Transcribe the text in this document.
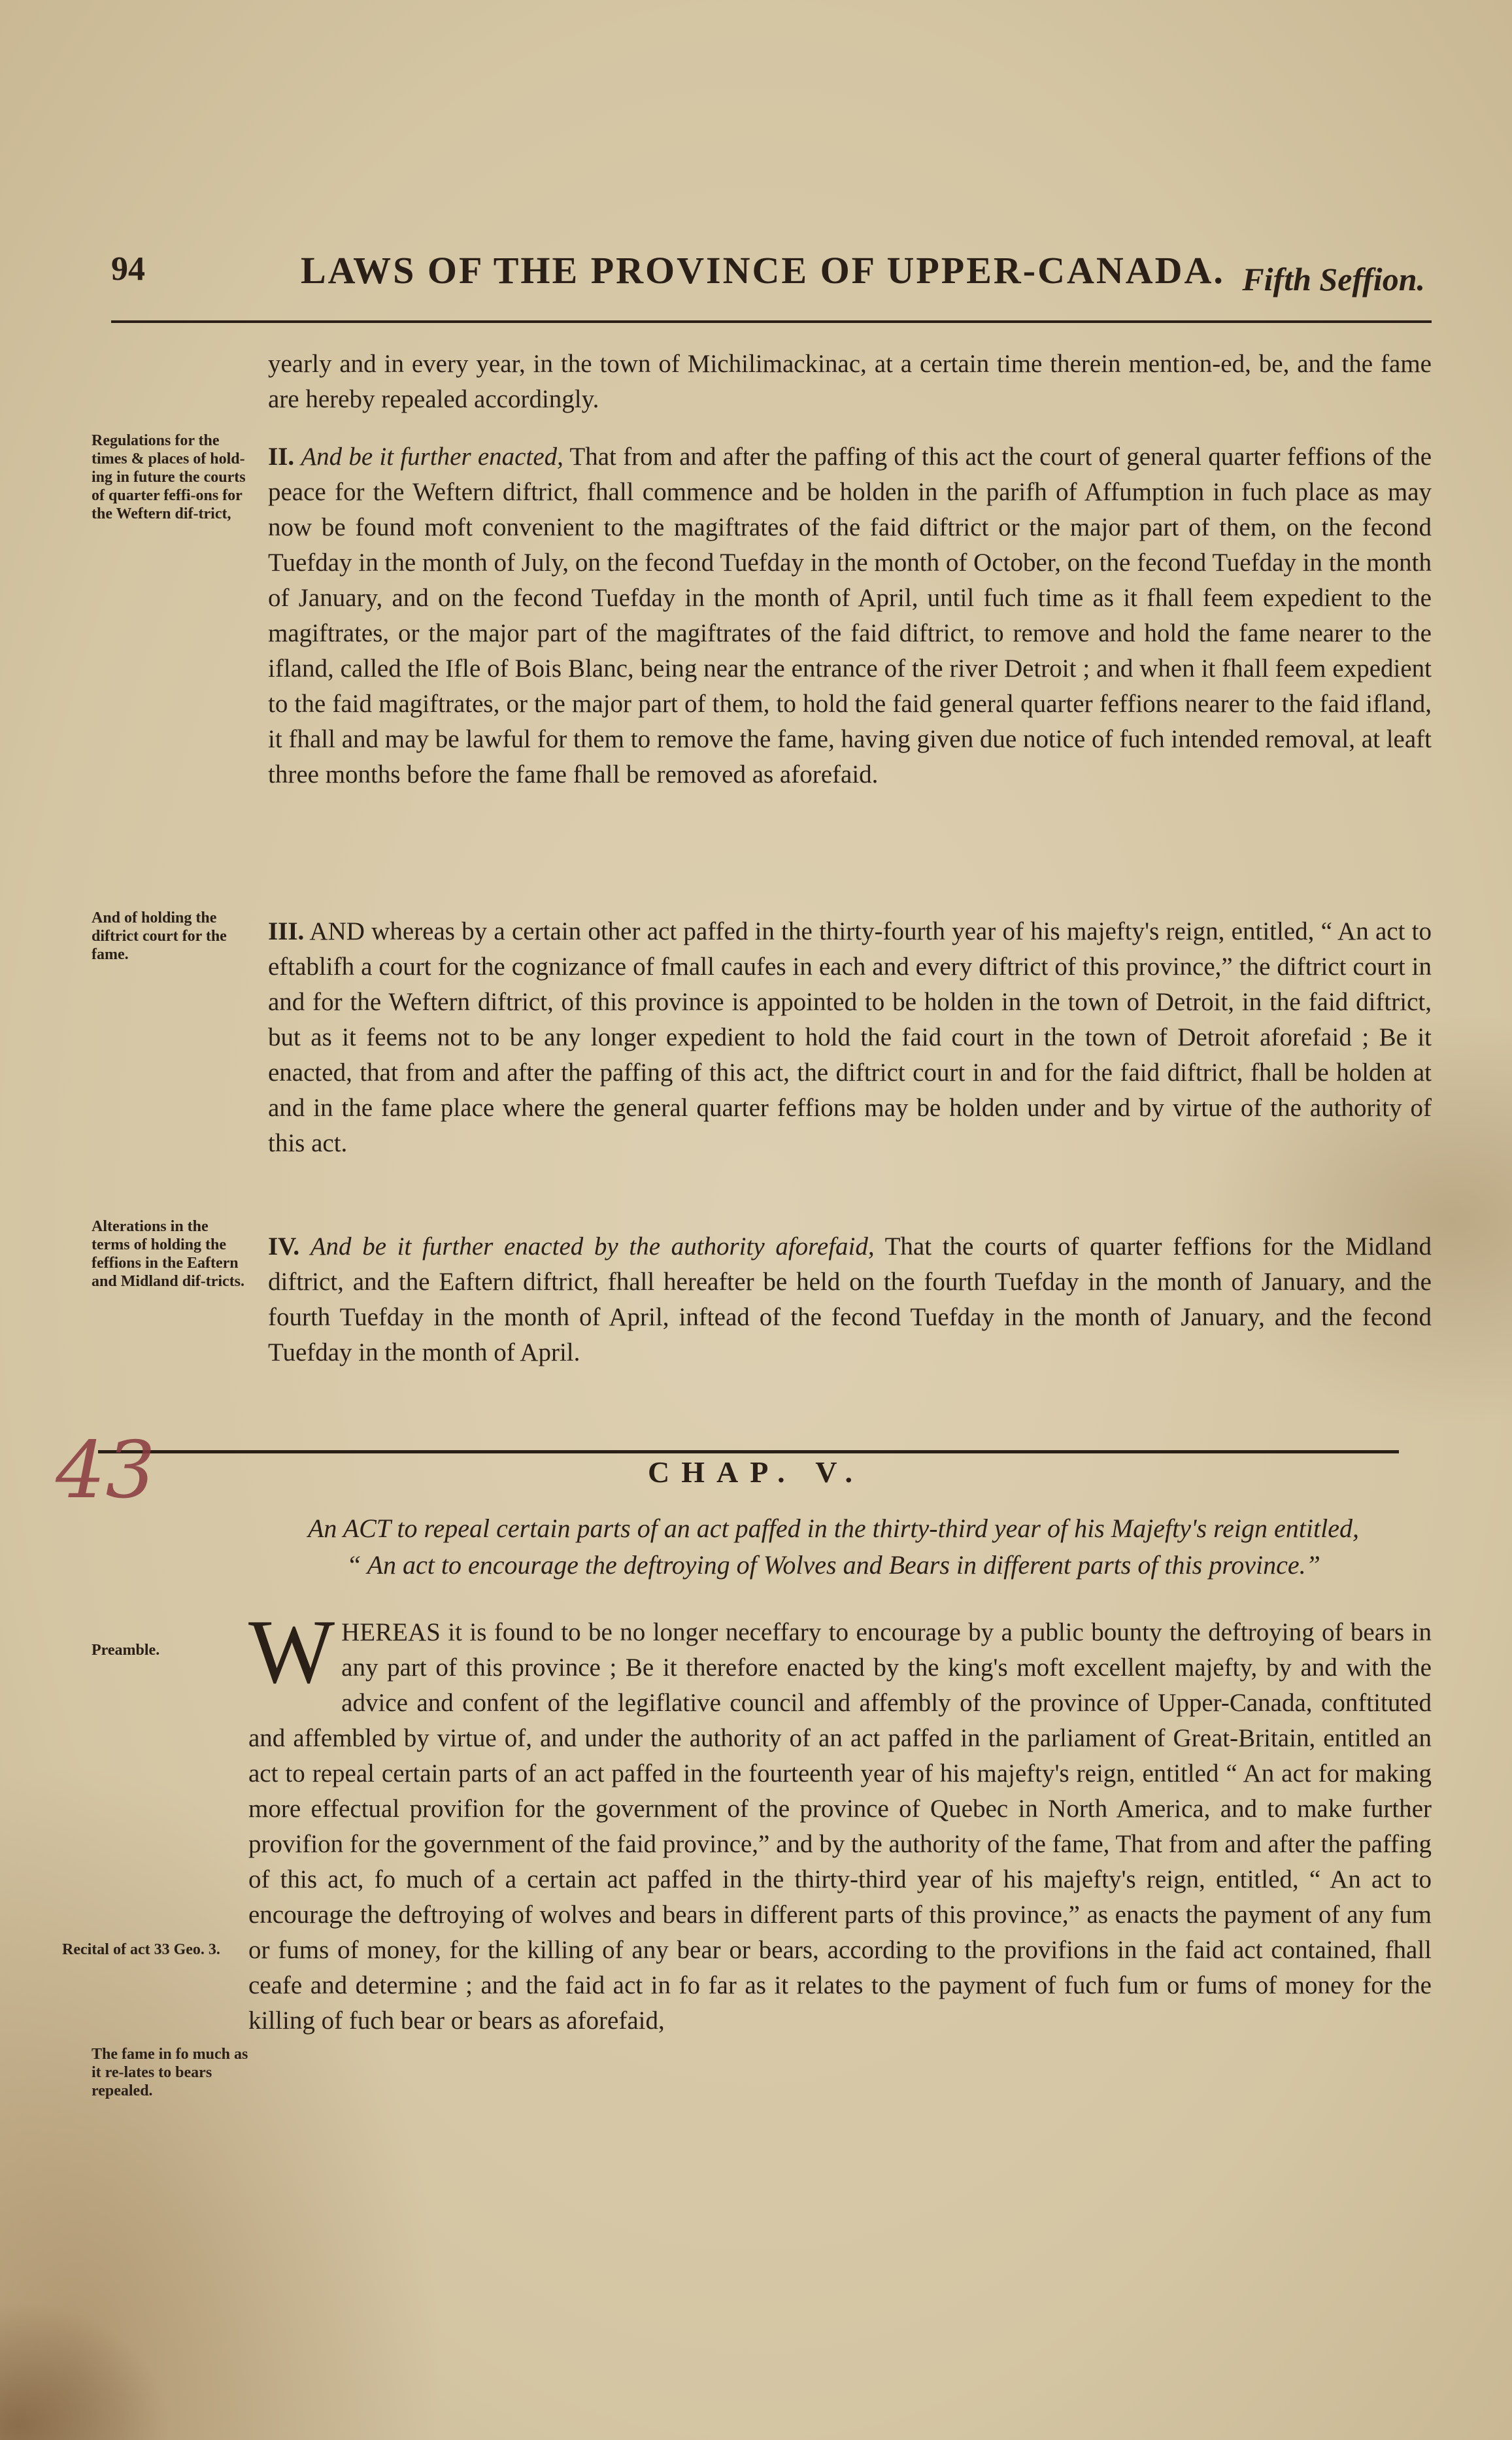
94	LAWS OF THE PROVINCE OF UPPER-CANADA. Fifth Seffion.
yearly and in every year, in the town of Michilimackinac, at a certain time therein mention-ed, be, and the fame are hereby repealed accordingly.
Regulations for the times & places of hold-ing in future the courts of quarter feffi-ons for the Weftern dif-trict,
II. And be it further enacted, That from and after the paffing of this act the court of general quarter feffions of the peace for the Weftern diftrict, fhall commence and be holden in the parifh of Affumption in fuch place as may now be found moft convenient to the magiftrates of the faid diftrict or the major part of them, on the fecond Tuefday in the month of July, on the fecond Tuefday in the month of October, on the fecond Tuefday in the month of January, and on the fecond Tuefday in the month of April, until fuch time as it fhall feem expedient to the magiftrates, or the major part of the magiftrates of the faid diftrict, to remove and hold the fame nearer to the ifland, called the Ifle of Bois Blanc, being near the entrance of the river Detroit ; and when it fhall feem expedient to the faid magiftrates, or the major part of them, to hold the faid general quarter feffions nearer to the faid ifland, it fhall and may be lawful for them to remove the fame, having given due notice of fuch intended removal, at leaft three months before the fame fhall be removed as aforefaid.
And of holding the diftrict court for the fame.
III. AND whereas by a certain other act paffed in the thirty-fourth year of his majefty's reign, entitled, “ An act to eftablifh a court for the cognizance of fmall caufes in each and every diftrict of this province,” the diftrict court in and for the Weftern diftrict, of this province is appointed to be holden in the town of Detroit, in the faid diftrict, but as it feems not to be any longer expedient to hold the faid court in the town of Detroit aforefaid ; Be it enacted, that from and after the paffing of this act, the diftrict court in and for the faid diftrict, fhall be holden at and in the fame place where the general quarter feffions may be holden under and by virtue of the authority of this act.
Alterations in the terms of holding the feffions in the Eaftern and Midland dif-tricts.
IV. And be it further enacted by the authority aforefaid, That the courts of quarter feffions for the Midland diftrict, and the Eaftern diftrict, fhall hereafter be held on the fourth Tuefday in the month of January, and the fourth Tuefday in the month of April, inftead of the fecond Tuefday in the month of January, and the fecond Tuefday in the month of April.
43	CHAP. V.
An ACT to repeal certain parts of an act paffed in the thirty-third year of his Majefty's reign entitled,
“ An act to encourage the deftroying of Wolves and Bears in different parts of this province.”
Preamble.
Recital of act 33 Geo. 3.
The fame in fo much as it re-lates to bears repealed.
W HEREAS it is found to be no longer neceffary to encourage by a public bounty the deftroying of bears in any part of this province ; Be it therefore enacted by the king's moft excellent majefty, by and with the advice and confent of the legiflative council and affembly of the province of Upper-Canada, conftituted and affembled by virtue of, and under the authority of an act paffed in the parliament of Great-Britain, entitled an act to repeal certain parts of an act paffed in the fourteenth year of his majefty's reign, entitled “ An act for making more effectual provifion for the government of the province of Quebec in North America, and to make further provifion for the government of the faid province,” and by the authority of the fame, That from and after the paffing of this act, fo much of a certain act paffed in the thirty-third year of his majefty's reign, entitled, “ An act to encourage the deftroying of wolves and bears in different parts of this province,” as enacts the payment of any fum or fums of money, for the killing of any bear or bears, according to the provifions in the faid act contained, fhall ceafe and determine ; and the faid act in fo far as it relates to the payment of fuch fum or fums of money for the killing of fuch bear or bears as aforefaid,
